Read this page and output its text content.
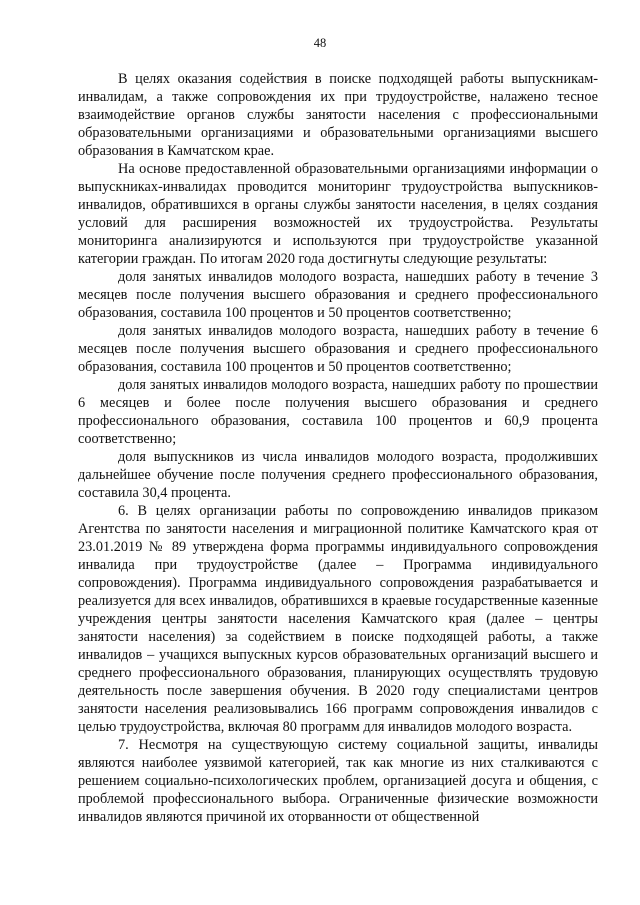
48

В целях оказания содействия в поиске подходящей работы выпускникам-инвалидам, а также сопровождения их при трудоустройстве, налажено тесное взаимодействие органов службы занятости населения с профессиональными образовательными организациями и образовательными организациями высшего образования в Камчатском крае.

На основе предоставленной образовательными организациями информации о выпускниках-инвалидах проводится мониторинг трудоустройства выпускников-инвалидов, обратившихся в органы службы занятости населения, в целях создания условий для расширения возможностей их трудоустройства. Результаты мониторинга анализируются и используются при трудоустройстве указанной категории граждан. По итогам 2020 года достигнуты следующие результаты:

доля занятых инвалидов молодого возраста, нашедших работу в течение 3 месяцев после получения высшего образования и среднего профессионального образования, составила 100 процентов и 50 процентов соответственно;

доля занятых инвалидов молодого возраста, нашедших работу в течение 6 месяцев после получения высшего образования и среднего профессионального образования, составила 100 процентов и 50 процентов соответственно;

доля занятых инвалидов молодого возраста, нашедших работу по прошествии 6 месяцев и более после получения высшего образования и среднего профессионального образования, составила 100 процентов и 60,9 процента соответственно;

доля выпускников из числа инвалидов молодого возраста, продолживших дальнейшее обучение после получения среднего профессионального образования, составила 30,4 процента.

6. В целях организации работы по сопровождению инвалидов приказом Агентства по занятости населения и миграционной политике Камчатского края от 23.01.2019 № 89 утверждена форма программы индивидуального сопровождения инвалида при трудоустройстве (далее – Программа индивидуального сопровождения). Программа индивидуального сопровождения разрабатывается и реализуется для всех инвалидов, обратившихся в краевые государственные казенные учреждения центры занятости населения Камчатского края (далее – центры занятости населения) за содействием в поиске подходящей работы, а также инвалидов – учащихся выпускных курсов образовательных организаций высшего и среднего профессионального образования, планирующих осуществлять трудовую деятельность после завершения обучения. В 2020 году специалистами центров занятости населения реализовывались 166 программ сопровождения инвалидов с целью трудоустройства, включая 80 программ для инвалидов молодого возраста.

7. Несмотря на существующую систему социальной защиты, инвалиды являются наиболее уязвимой категорией, так как многие из них сталкиваются с решением социально-психологических проблем, организацией досуга и общения, с проблемой профессионального выбора. Ограниченные физические возможности инвалидов являются причиной их оторванности от общественной
